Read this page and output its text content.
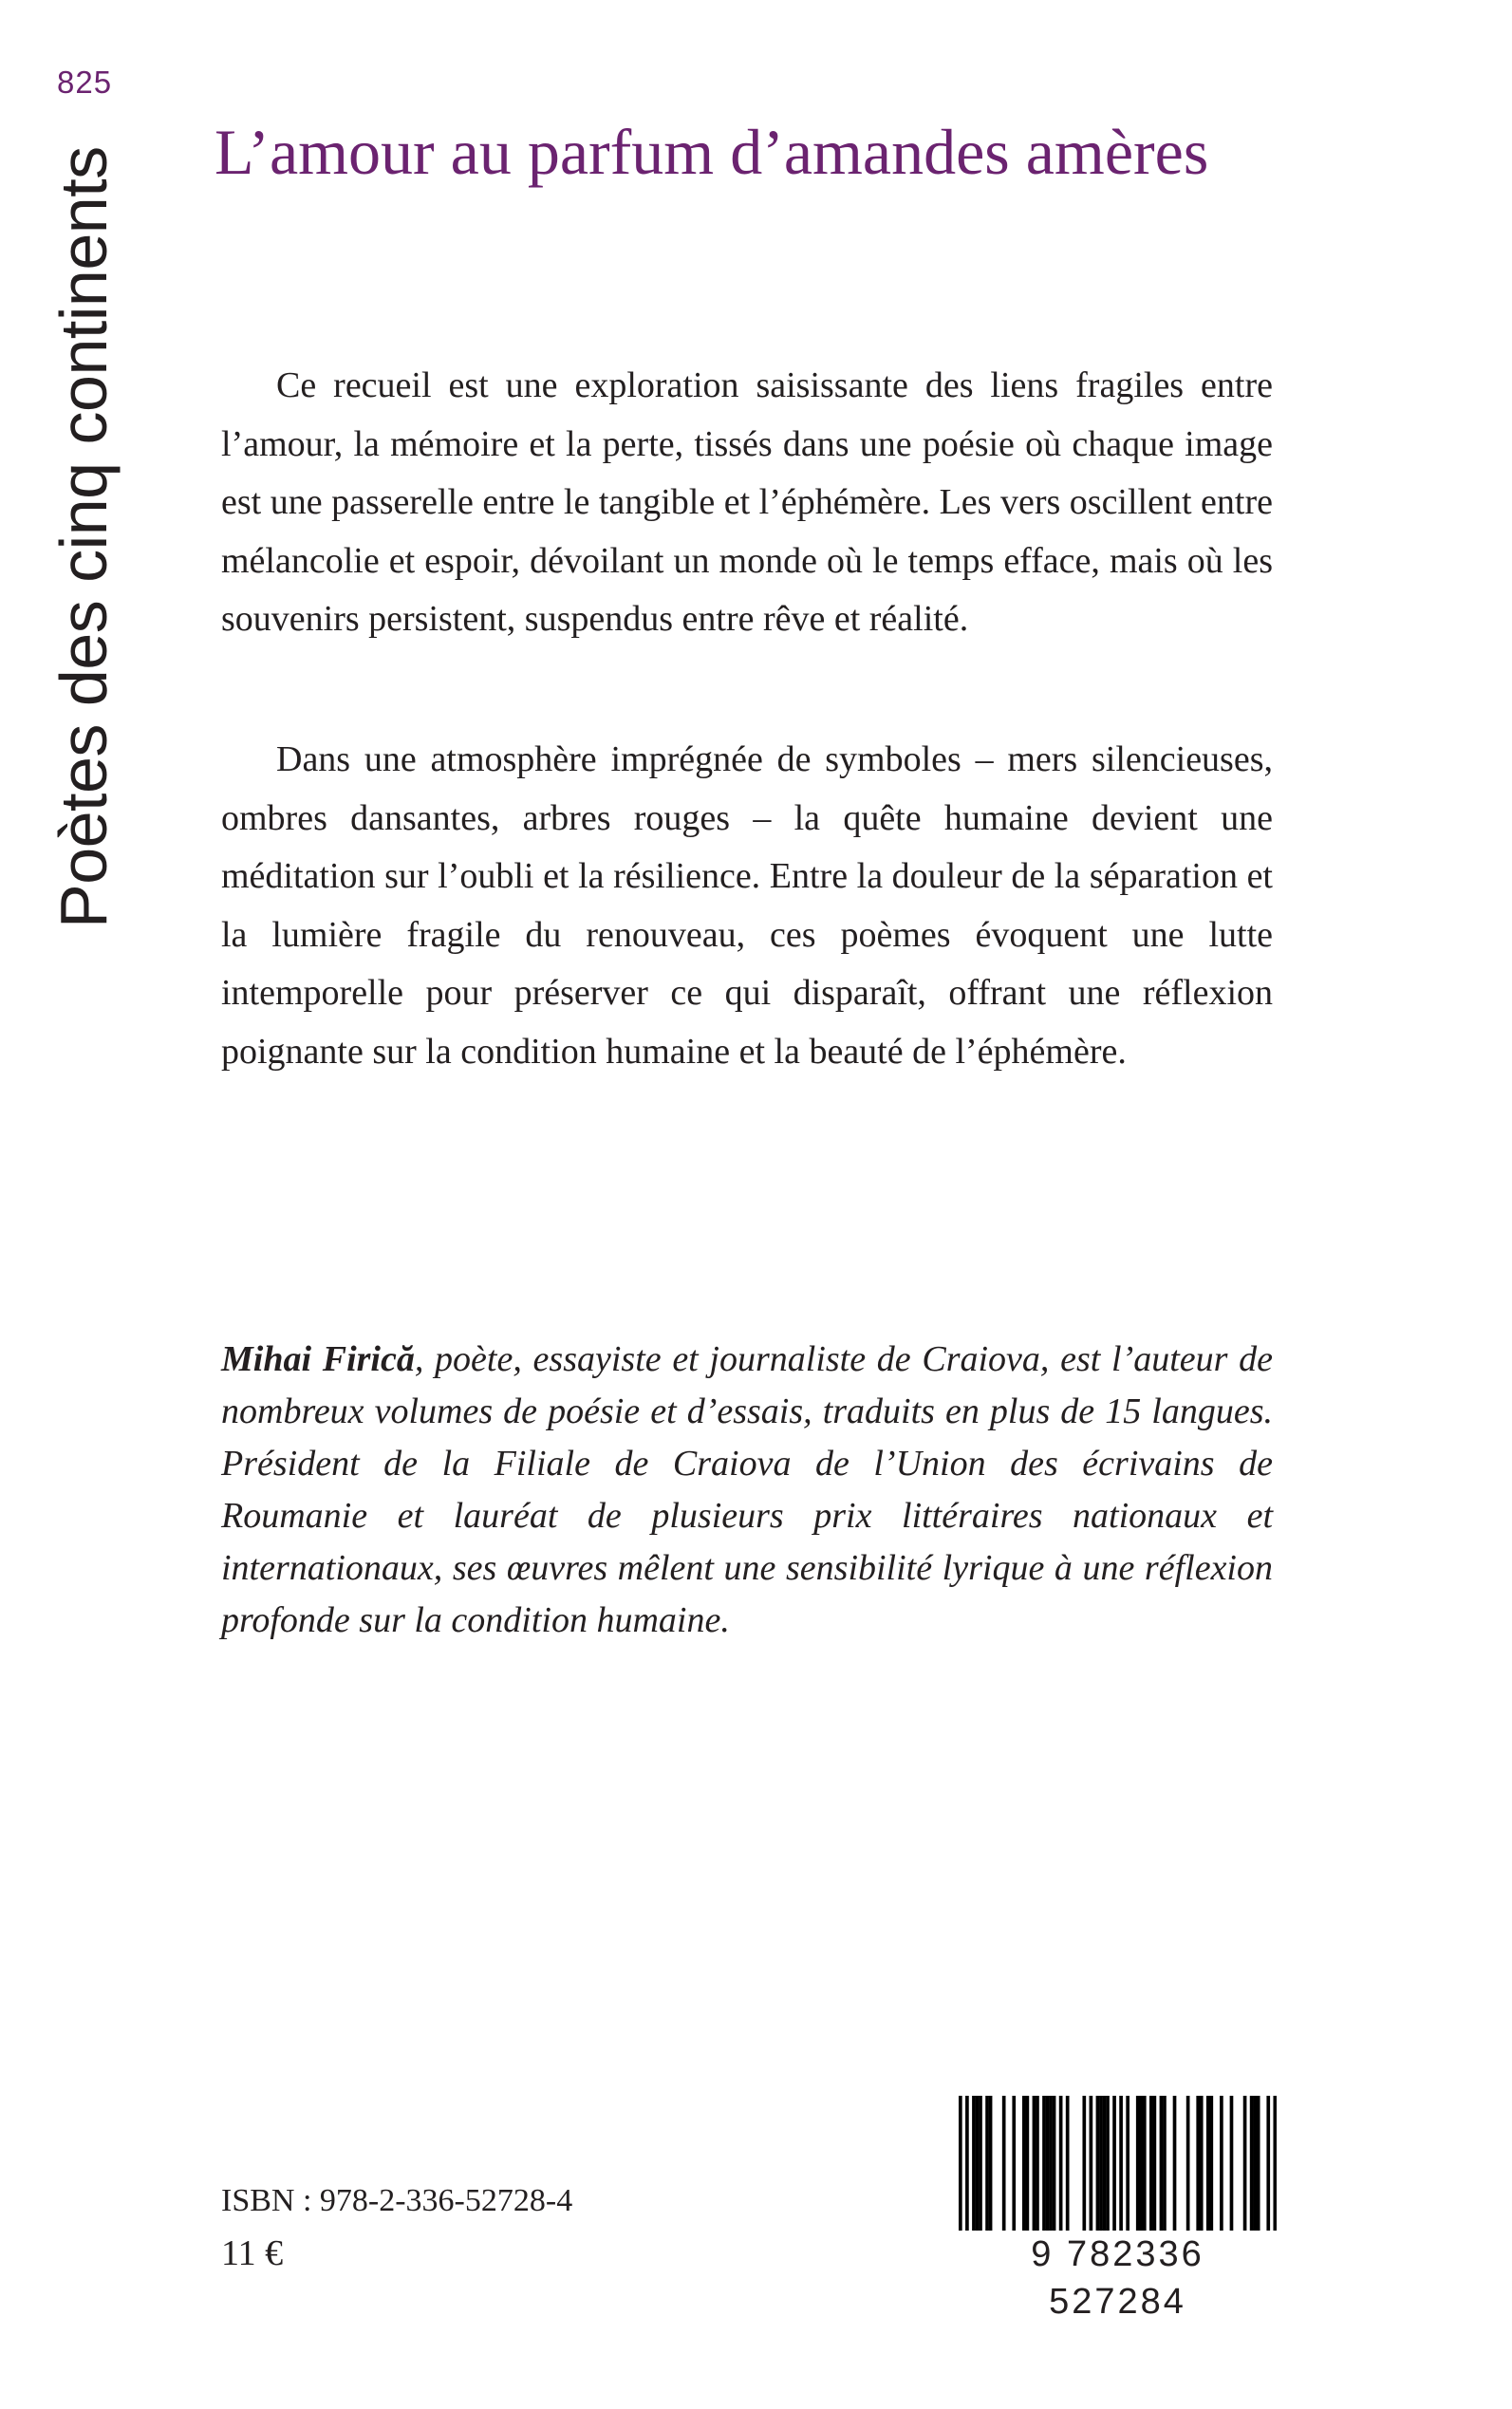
825
Poètes des cinq continents L’amour au parfum d’amandes amères

Ce recueil est une exploration saisissante des liens fragiles entre l’amour, la mémoire et la perte, tissés dans une poésie où chaque image est une passerelle entre le tangible et l’éphémère. Les vers oscillent entre mélancolie et espoir, dévoilant un monde où le temps efface, mais où les souvenirs persistent, suspendus entre rêve et réalité.

Dans une atmosphère imprégnée de symboles – mers silencieuses, ombres dansantes, arbres rouges – la quête humaine devient une méditation sur l’oubli et la résilience. Entre la douleur de la séparation et la lumière fragile du renouveau, ces poèmes évoquent une lutte intemporelle pour préserver ce qui disparaît, offrant une réflexion poignante sur la condition humaine et la beauté de l’éphémère.

Mihai Firică, poète, essayiste et journaliste de Craiova, est l’auteur de nombreux volumes de poésie et d’essais, traduits en plus de 15 langues. Président de la Filiale de Craiova de l’Union des écrivains de Roumanie et lauréat de plusieurs prix littéraires nationaux et internationaux, ses œuvres mêlent une sensibilité lyrique à une réflexion profonde sur la condition humaine.

ISBN : 978-2-336-52728-4
11 €	9 782336 527284
